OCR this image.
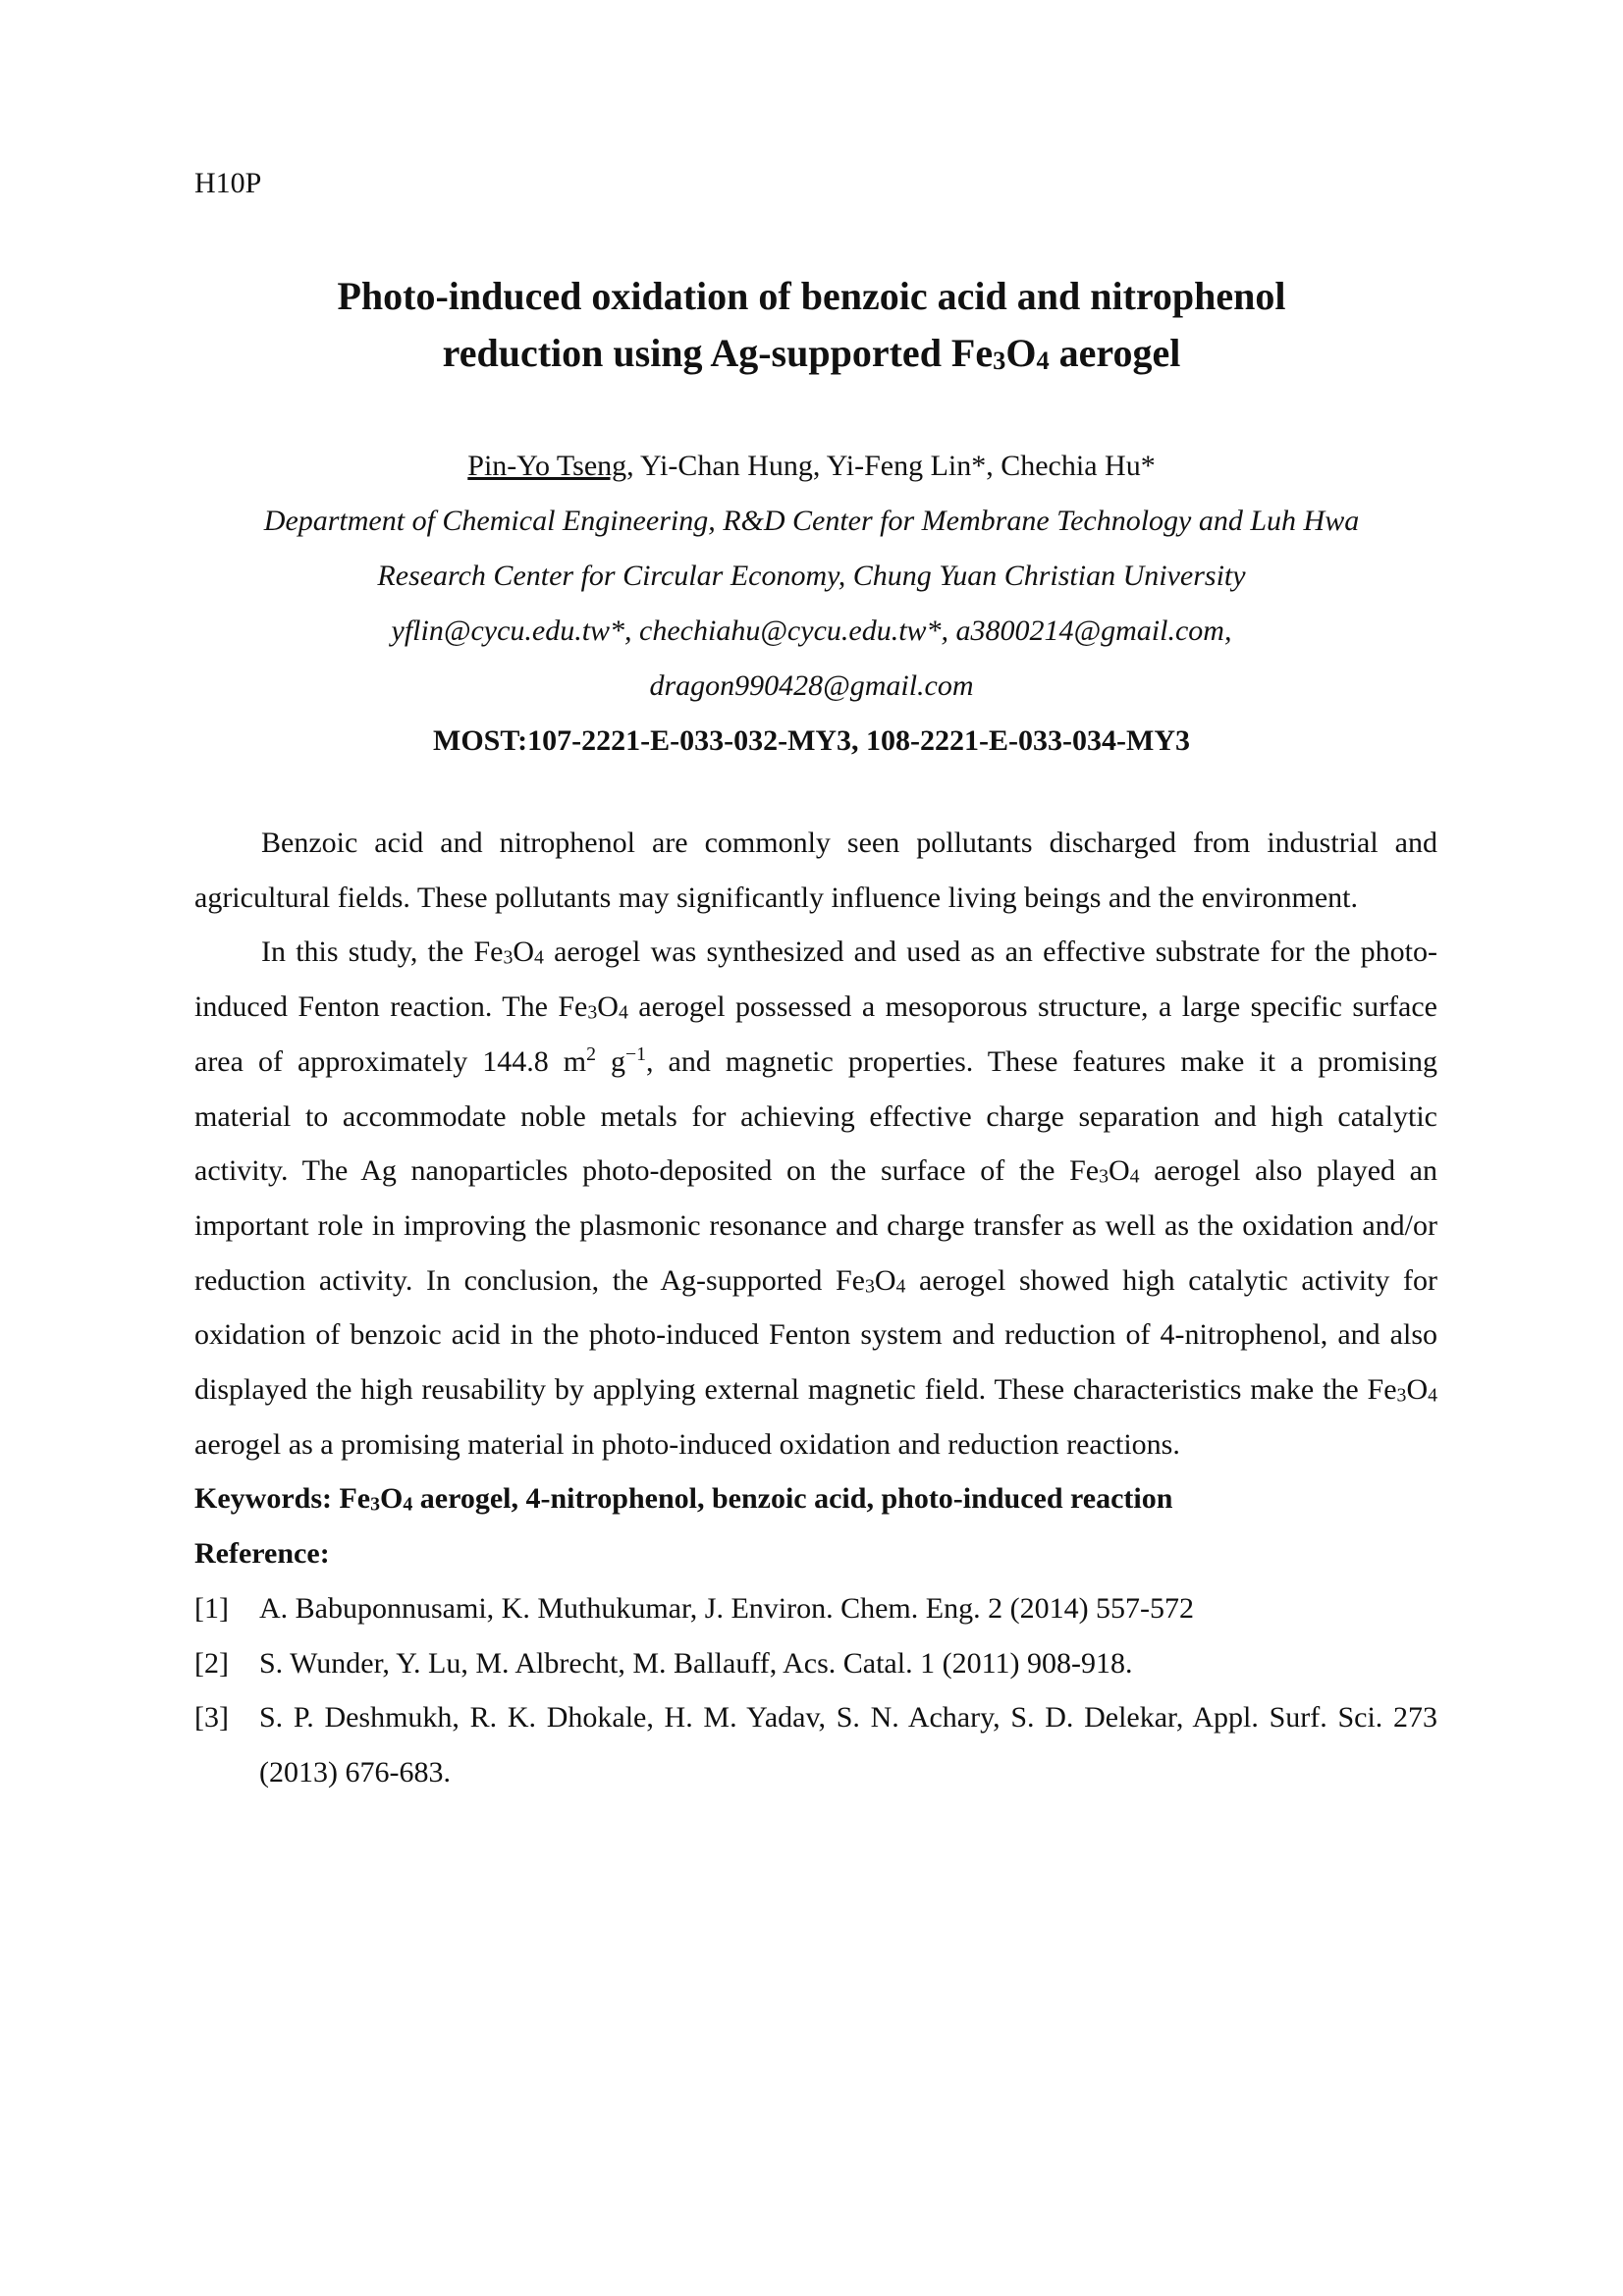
H10P
Photo-induced oxidation of benzoic acid and nitrophenol
reduction using Ag-supported Fe3O4 aerogel
Pin-Yo Tseng, Yi-Chan Hung, Yi-Feng Lin*, Chechia Hu*
Department of Chemical Engineering, R&D Center for Membrane Technology and Luh Hwa
Research Center for Circular Economy, Chung Yuan Christian University
yflin@cycu.edu.tw*, chechiahu@cycu.edu.tw*, a3800214@gmail.com,
dragon990428@gmail.com
MOST:107-2221-E-033-032-MY3, 108-2221-E-033-034-MY3

Benzoic acid and nitrophenol are commonly seen pollutants discharged from industrial and agricultural fields. These pollutants may significantly influence living beings and the environment.

In this study, the Fe3O4 aerogel was synthesized and used as an effective substrate for the photo-induced Fenton reaction. The Fe3O4 aerogel possessed a mesoporous structure, a large specific surface area of approximately 144.8 $m^2$ $g^{-1}$, and magnetic properties. These features make it a promising material to accommodate noble metals for achieving effective charge separation and high catalytic activity. The Ag nanoparticles photo-deposited on the surface of the Fe3O4 aerogel also played an important role in improving the plasmonic resonance and charge transfer as well as the oxidation and/or reduction activity. In conclusion, the Ag-supported Fe3O4 aerogel showed high catalytic activity for oxidation of benzoic acid in the photo-induced Fenton system and reduction of 4-nitrophenol, and also displayed the high reusability by applying external magnetic field. These characteristics make the Fe3O4 aerogel as a promising material in photo-induced oxidation and reduction reactions.

Keywords: Fe3O4 aerogel, 4-nitrophenol, benzoic acid, photo-induced reaction
Reference:
[1] A. Babuponnusami, K. Muthukumar, J. Environ. Chem. Eng. 2 (2014) 557-572
[2] S. Wunder, Y. Lu, M. Albrecht, M. Ballauff, Acs. Catal. 1 (2011) 908-918.
[3] S. P. Deshmukh, R. K. Dhokale, H. M. Yadav, S. N. Achary, S. D. Delekar, Appl. Surf. Sci. 273 (2013) 676-683.
